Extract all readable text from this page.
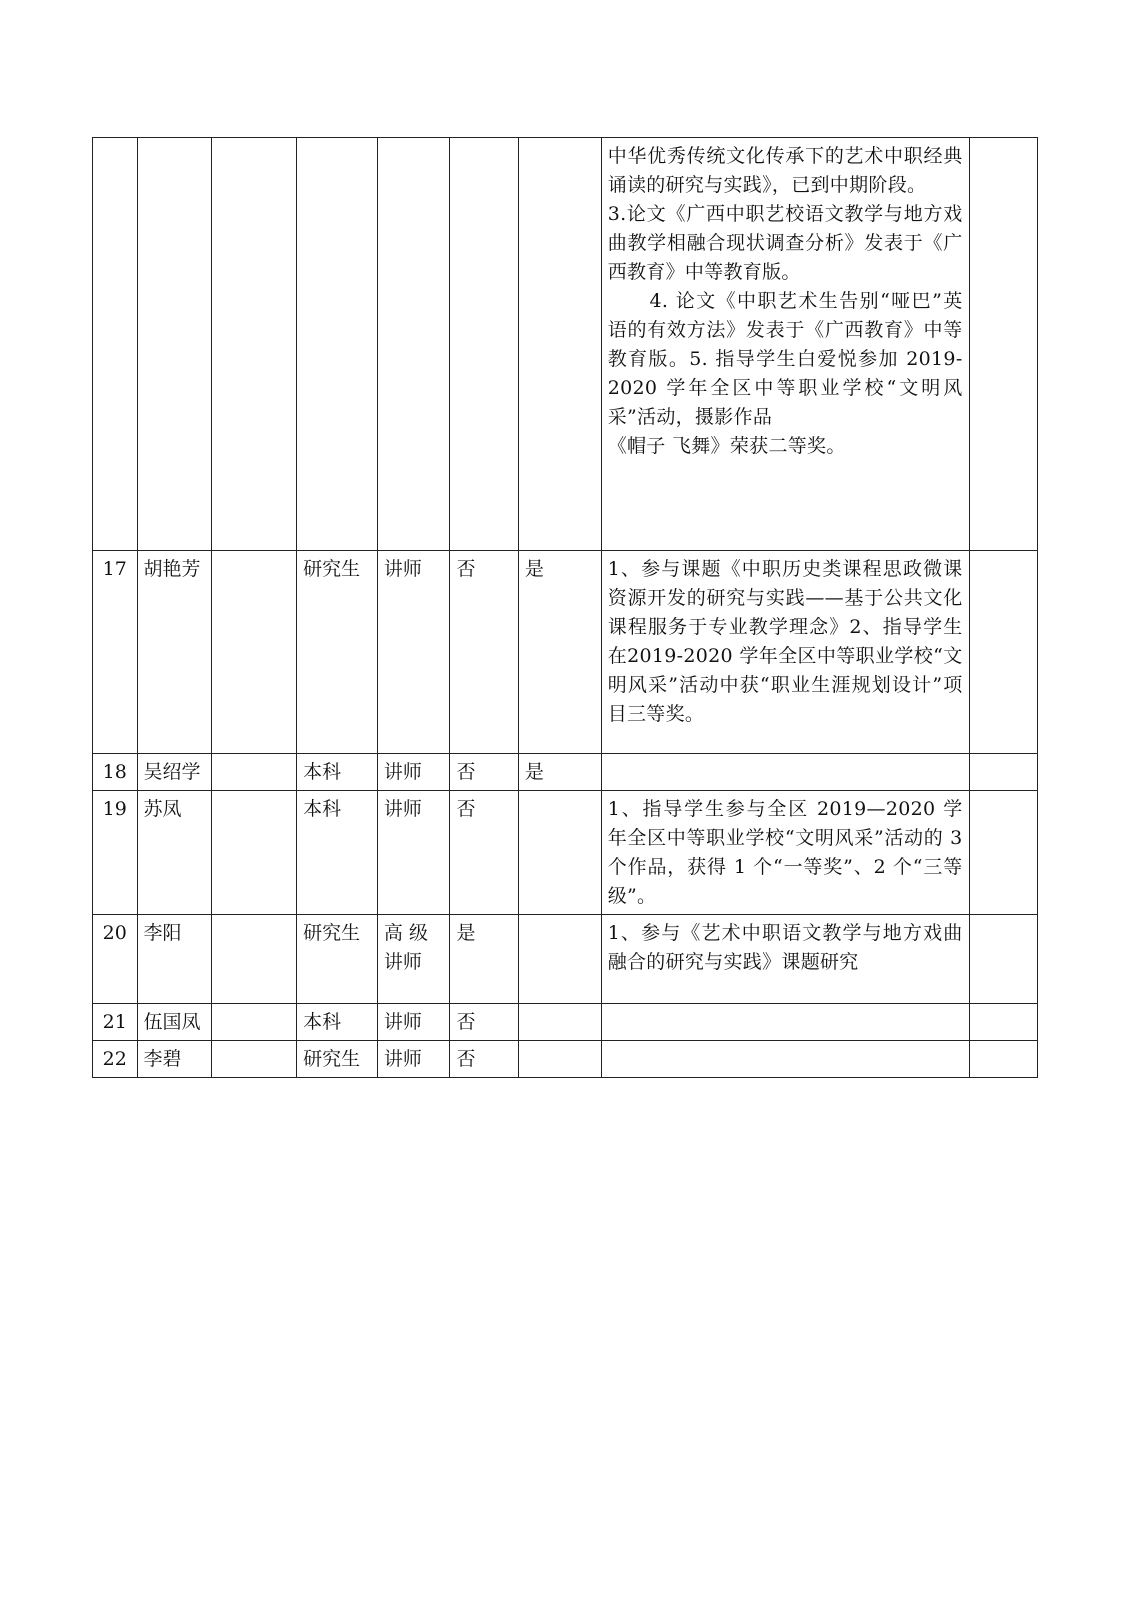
							中华优秀传统文化传承下的艺术中职经典诵读的研究与实践》，已到中期阶段。
3.论文《广西中职艺校语文教学与地方戏曲教学相融合现状调查分析》发表于《广西教育》中等教育版。
4. 论文《中职艺术生告别“哑巴”英语的有效方法》发表于《广西教育》中等教育版。5. 指导学生白爱悦参加 2019-2020 学年全区中等职业学校“文明风采”活动，摄影作品
《帽子 飞舞》荣获二等奖。	

17	胡艳芳		研究生	讲师	否	是	1、参与课题《中职历史类课程思政微课资源开发的研究与实践——基于公共文化课程服务于专业教学理念》2、指导学生在2019-2020 学年全区中等职业学校“文明风采”活动中获“职业生涯规划设计”项目三等奖。	
18	吴绍学		本科	讲师	否	是		
19	苏凤		本科	讲师	否		1、指导学生参与全区 2019—2020 学年全区中等职业学校“文明风采”活动的 3 个作品，获得 1 个“一等奖”、2 个“三等级”。	
20	李阳		研究生	高 级讲师	是		1、参与《艺术中职语文教学与地方戏曲融合的研究与实践》课题研究	
21	伍国凤		本科	讲师	否			
22	李碧		研究生	讲师	否			
